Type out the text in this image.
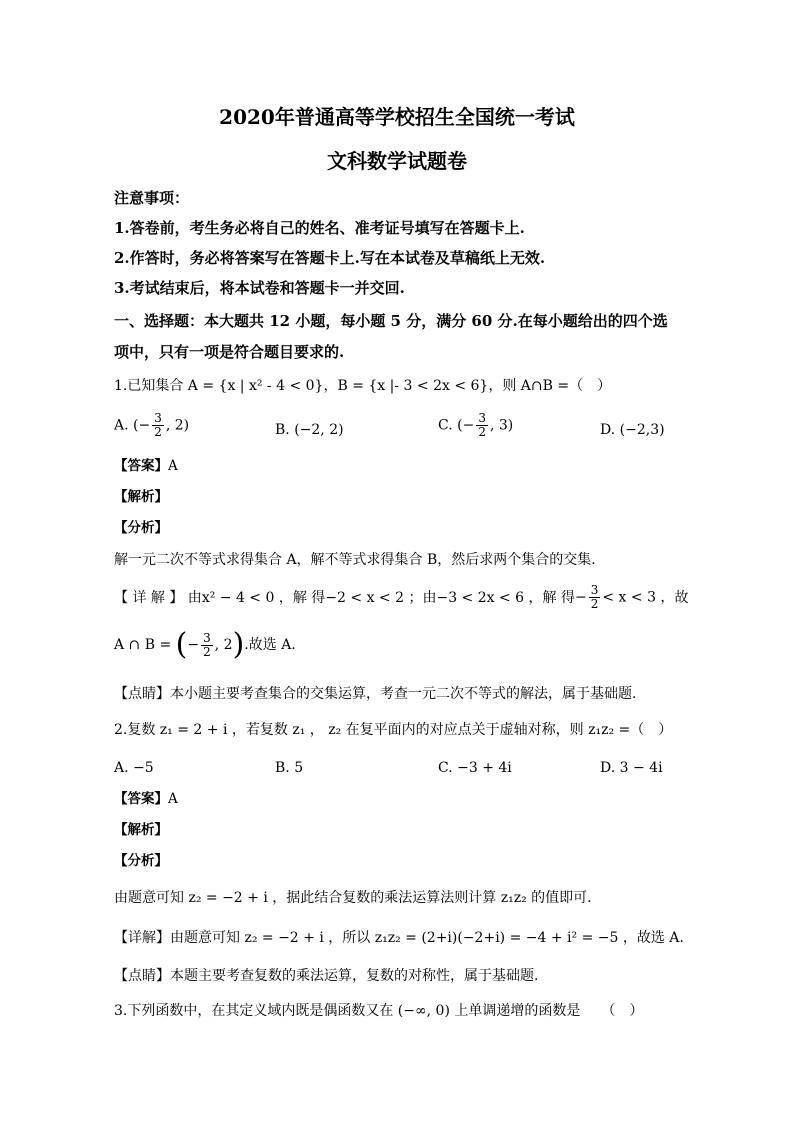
2020年普通高等学校招生全国统一考试
文科数学试题卷
注意事项：
1.答卷前，考生务必将自己的姓名、准考证号填写在答题卡上.
2.作答时，务必将答案写在答题卡上.写在本试卷及草稿纸上无效.
3.考试结束后，将本试卷和答题卡一并交回.
一、选择题：本大题共 12 小题，每小题 5 分，满分 60 分.在每小题给出的四个选
项中，只有一项是符合题目要求的.
1.已知集合 A = {x | x² - 4 < 0}，B = {x |- 3 < 2x < 6}，则 A∩B =（　）
A. (− $\frac{3}{2}$ , 2)	B. (−2, 2)	C. (− $\frac{3}{2}$ , 3)	D. (−2,3)
【答案】A
【解析】
【分析】
解一元二次不等式求得集合 A，解不等式求得集合 B，然后求两个集合的交集.
【 详 解 】 由 x² − 4 < 0 ， 解 得 −2 < x < 2 ； 由 −3 < 2x < 6 ， 解 得 − $\frac{3}{2} < x < 3$ ， 故
A ∩ B = (− $\frac{3}{2}$ , 2).故选 A.
【点睛】本小题主要考查集合的交集运算，考查一元二次不等式的解法，属于基础题.
2.复数 z₁ = 2 + i ，若复数 z₁ ， z₂ 在复平面内的对应点关于虚轴对称，则 z₁z₂ =（　）
A. −5	B. 5	C. −3 + 4i	D. 3 − 4i
【答案】A
【解析】
【分析】
由题意可知 z₂ = −2 + i ，据此结合复数的乘法运算法则计算 z₁z₂ 的值即可.
【详解】由题意可知 z₂ = −2 + i ，所以 z₁z₂ = (2+i)(−2+i) = −4 + i² = −5 ，故选 A.
【点睛】本题主要考查复数的乘法运算，复数的对称性，属于基础题.
3.下列函数中，在其定义域内既是偶函数又在 (−∞, 0) 上单调递增的函数是　　（　）
